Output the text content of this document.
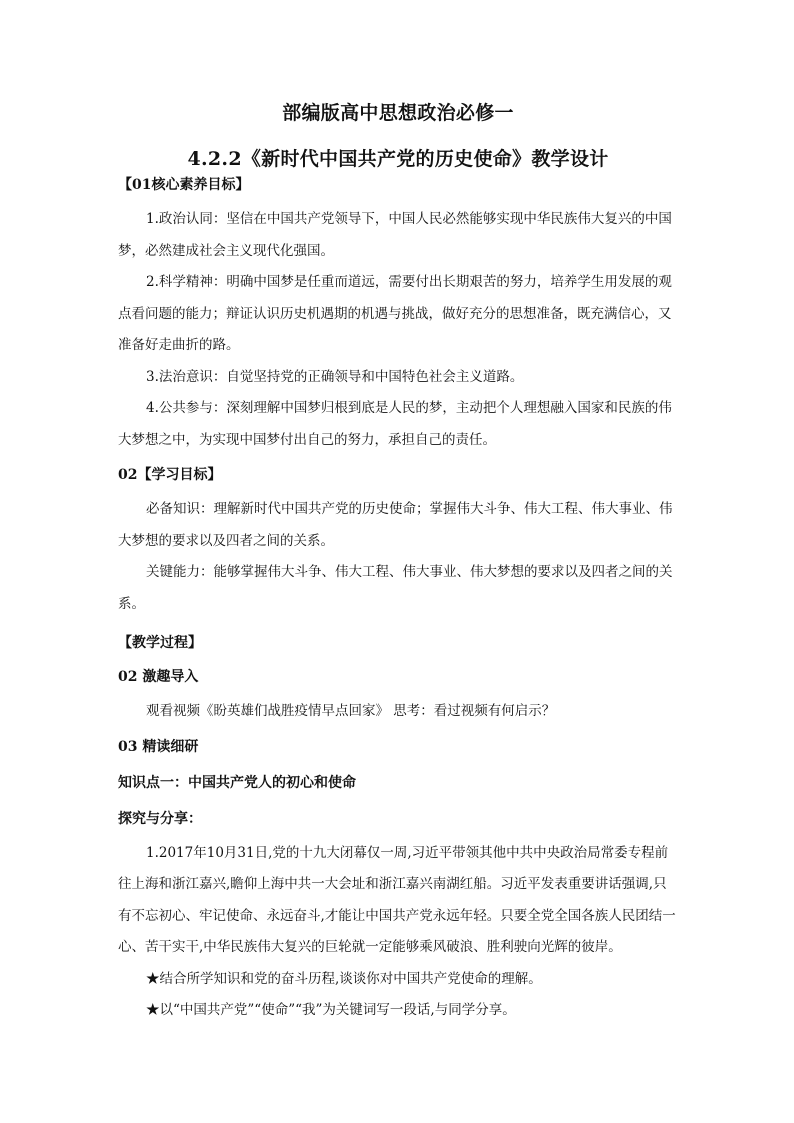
部编版高中思想政治必修一
4.2.2《新时代中国共产党的历史使命》教学设计
【01核心素养目标】

1.政治认同：坚信在中国共产党领导下，中国人民必然能够实现中华民族伟大复兴的中国梦，必然建成社会主义现代化强国。

2.科学精神：明确中国梦是任重而道远，需要付出长期艰苦的努力，培养学生用发展的观点看问题的能力；辩证认识历史机遇期的机遇与挑战，做好充分的思想准备，既充满信心，又准备好走曲折的路。

3.法治意识：自觉坚持党的正确领导和中国特色社会主义道路。

4.公共参与：深刻理解中国梦归根到底是人民的梦，主动把个人理想融入国家和民族的伟大梦想之中，为实现中国梦付出自己的努力，承担自己的责任。

02【学习目标】

必备知识：理解新时代中国共产党的历史使命；掌握伟大斗争、伟大工程、伟大事业、伟大梦想的要求以及四者之间的关系。

关键能力：能够掌握伟大斗争、伟大工程、伟大事业、伟大梦想的要求以及四者之间的关系。

【教学过程】
02 激趣导入

观看视频《盼英雄们战胜疫情早点回家》 思考：看过视频有何启示？

03 精读细研
知识点一：中国共产党人的初心和使命
探究与分享：

1.2017年10月31日,党的十九大闭幕仅一周,习近平带领其他中共中央政治局常委专程前往上海和浙江嘉兴,瞻仰上海中共一大会址和浙江嘉兴南湖红船。习近平发表重要讲话强调,只有不忘初心、牢记使命、永远奋斗,才能让中国共产党永远年轻。只要全党全国各族人民团结一心、苦干实干,中华民族伟大复兴的巨轮就一定能够乘风破浪、胜利驶向光辉的彼岸。

★结合所学知识和党的奋斗历程,谈谈你对中国共产党使命的理解。

★以“中国共产党”“使命”“我”为关键词写一段话,与同学分享。
